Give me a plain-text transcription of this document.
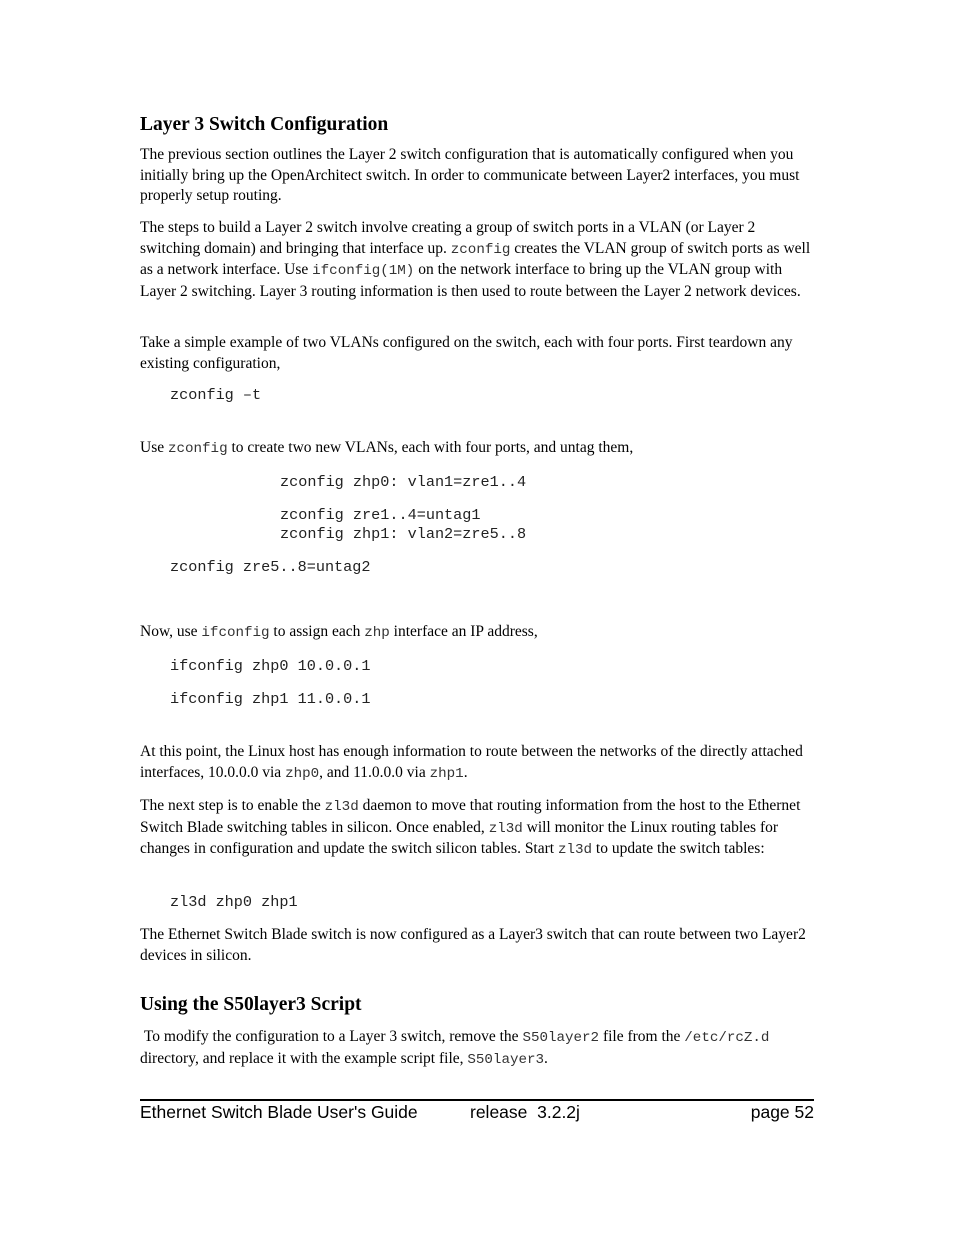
Layer 3 Switch Configuration
The previous section outlines the Layer 2 switch configuration that is automatically configured when you initially bring up the OpenArchitect switch. In order to communicate between Layer2 interfaces, you must properly setup routing.
The steps to build a Layer 2 switch involve creating a group of switch ports in a VLAN (or Layer 2 switching domain) and bringing that interface up. zconfig creates the VLAN group of switch ports as well as a network interface. Use ifconfig(1M) on the network interface to bring up the VLAN group with Layer 2 switching. Layer 3 routing information is then used to route between the Layer 2 network devices.
Take a simple example of two VLANs configured on the switch, each with four ports. First teardown any existing configuration,
zconfig –t
Use zconfig to create two new VLANs, each with four ports, and untag them,
zconfig zhp0: vlan1=zre1..4
zconfig zre1..4=untag1
zconfig zhp1: vlan2=zre5..8
zconfig zre5..8=untag2
Now, use ifconfig to assign each zhp interface an IP address,
ifconfig zhp0 10.0.0.1
ifconfig zhp1 11.0.0.1
At this point, the Linux host has enough information to route between the networks of the directly attached interfaces, 10.0.0.0 via zhp0, and 11.0.0.0 via zhp1.
The next step is to enable the zl3d daemon to move that routing information from the host to the Ethernet Switch Blade switching tables in silicon. Once enabled, zl3d will monitor the Linux routing tables for changes in configuration and update the switch silicon tables. Start zl3d to update the switch tables:
zl3d zhp0 zhp1
The Ethernet Switch Blade switch is now configured as a Layer3 switch that can route between two Layer2 devices in silicon.
Using the S50layer3 Script
To modify the configuration to a Layer 3 switch, remove the S50layer2 file from the /etc/rcZ.d directory, and replace it with the example script file, S50layer3.
Ethernet Switch Blade User's Guide	release  3.2.2j	page 52
